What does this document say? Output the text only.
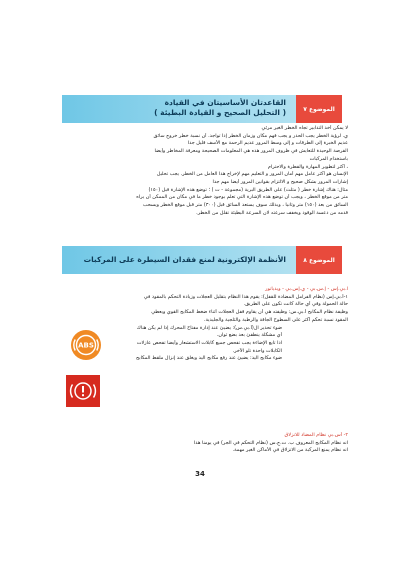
الموضوع ٧
القاعدتان الأساسيتان في القيادة
( التحليل الصحيح و القيادة البطيئة )

لا يمكن أخذ التدابير تجاه الخطر الغير مرئي

ي. لرؤية الخطر يجب الحذر و يجب فهم مكان وزمان الخطر إذا تواجد. أن نسبة خطر خروج سائق

عديم الخبرة إلى الطرقات و إلى وسط المرور عديم الرحمة مع الأسف قليل جدا

الفرصة الوحيدة للتعايش في ظروف المرور هذه هي المعلومات الصحيحة ومعرفة المخاطر وأيضا

باستخدام المركبات

، أكثر لتطوير المهارة والفطرة والاحترام

الإنسان هو أكثر عامل مهم أمان المرور و التعليم مهم لإخراج هذا العامل من الخطر. يجب تحليل

إشارات المرور بشكل صحيح و الالتزام بقوانين المرور أيضا مهم جدا

مثال: هناك إشارة خطر ( مثلث) على الطريق البرية (مجموعة - ت ) ؛ توضع هذه الإشارة قبل (١٥٠)

متر من موقع الخطر ، ويجب أن توضع هذه الإشارة التي تعلم بوجود خطر ما في مكان من الممكن أن يراه

السائق من بعد (١٥٠) متر وثانيا ، وبذلك سوف يستعد السائق قبل (٣٠٠) متر قبل موقع الخطر ويسحب

قدمه من دعسة الوقود ويخفف سرعته لان السرعة البطيئة تقلل من الخطر.

الموضوع ٨
الأنظمة الإلكترونية لمنع فقدان السيطرة على المركبات

آ.بي.إس - إ.س.بي - ي.إس.بي - ويدياتور

١-أ.بي.إس (نظام الفرامل المضادة للقفل): يقوم هذا النظام بتقليل العجلات وزيادة التحكم بالمقود في

حالة الحمولة وفي أي حالة كانت تكون على الطريق.

وظيفة نظام المكابح أ.بي.س: وظيفته هي أن يقاوم قفل العجلات أثناء ضغط المكابح القوي ويعطي

المقود نسبة تحكم أكثر على السطوح الجافة والرطبة والثلجية والجليدية.

ضوء تحذير ال(أ.بي.س): يضيئ عند إدارة مفتاح المحرك إذا لم يكن هناك

أي مشكلة ينطفئ بعد بضع ثوان.

اذا تابع الإضاءة يجب تفحص جميع كابلات الاستشعار وأيضا تفحص عازلات

الكابلات واحدة تلو الأخر.

ضوء مكابح اليد: يضيئ عند رفع مكابح اليد ويغلق عند إنزال ملقط المكابح

ABS

٢- أس.بي نظام المضاد للانزلاق

انه نظام المكابح المعروف ب. ت.ج.س (نظام التحكم في الجر) في يومنا هذا

انه نظام يمنع المركبة من الانزلاق في الأماكن الغير مهمة.

34
